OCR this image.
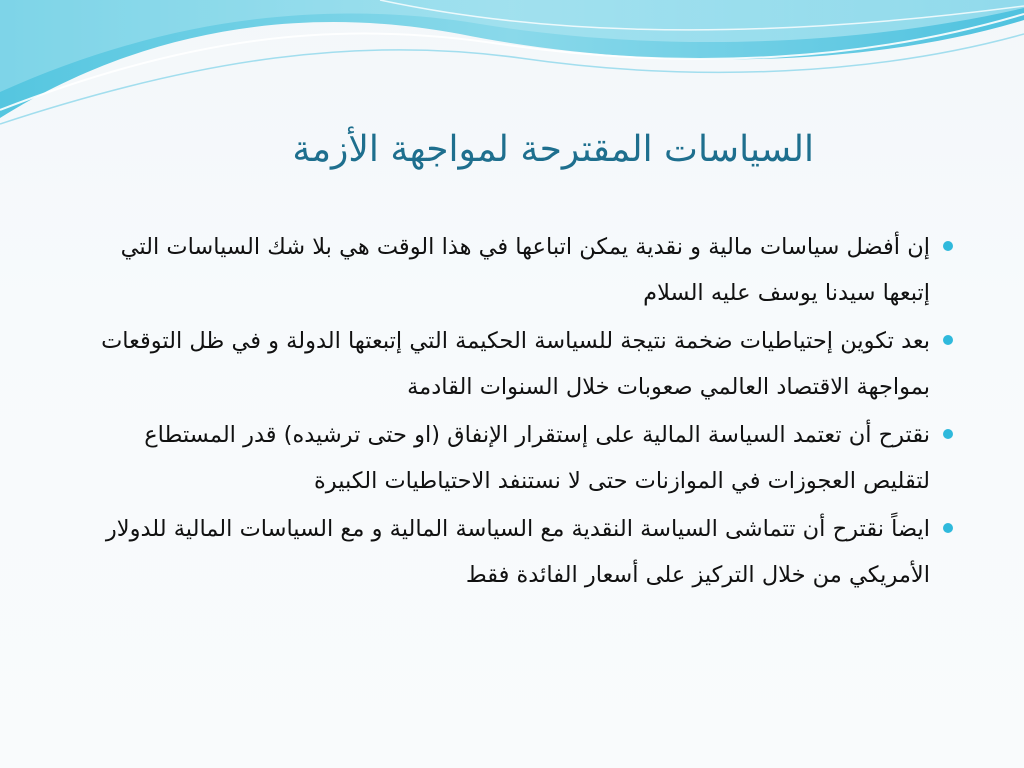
السياسات المقترحة لمواجهة الأزمة
إن أفضل سياسات مالية و نقدية يمكن اتباعها في هذا الوقت هي بلا شك السياسات التي إتبعها سيدنا يوسف عليه السلام
بعد تكوين إحتياطيات ضخمة نتيجة للسياسة الحكيمة التي إتبعتها الدولة و في ظل التوقعات بمواجهة الاقتصاد العالمي صعوبات خلال السنوات القادمة
نقترح أن تعتمد السياسة المالية على إستقرار الإنفاق (او حتى ترشيده) قدر المستطاع لتقليص العجوزات في الموازنات حتى لا نستنفد الاحتياطيات الكبيرة
ايضاً نقترح أن تتماشى السياسة النقدية مع السياسة المالية و مع السياسات المالية للدولار الأمريكي من خلال التركيز على أسعار الفائدة فقط
